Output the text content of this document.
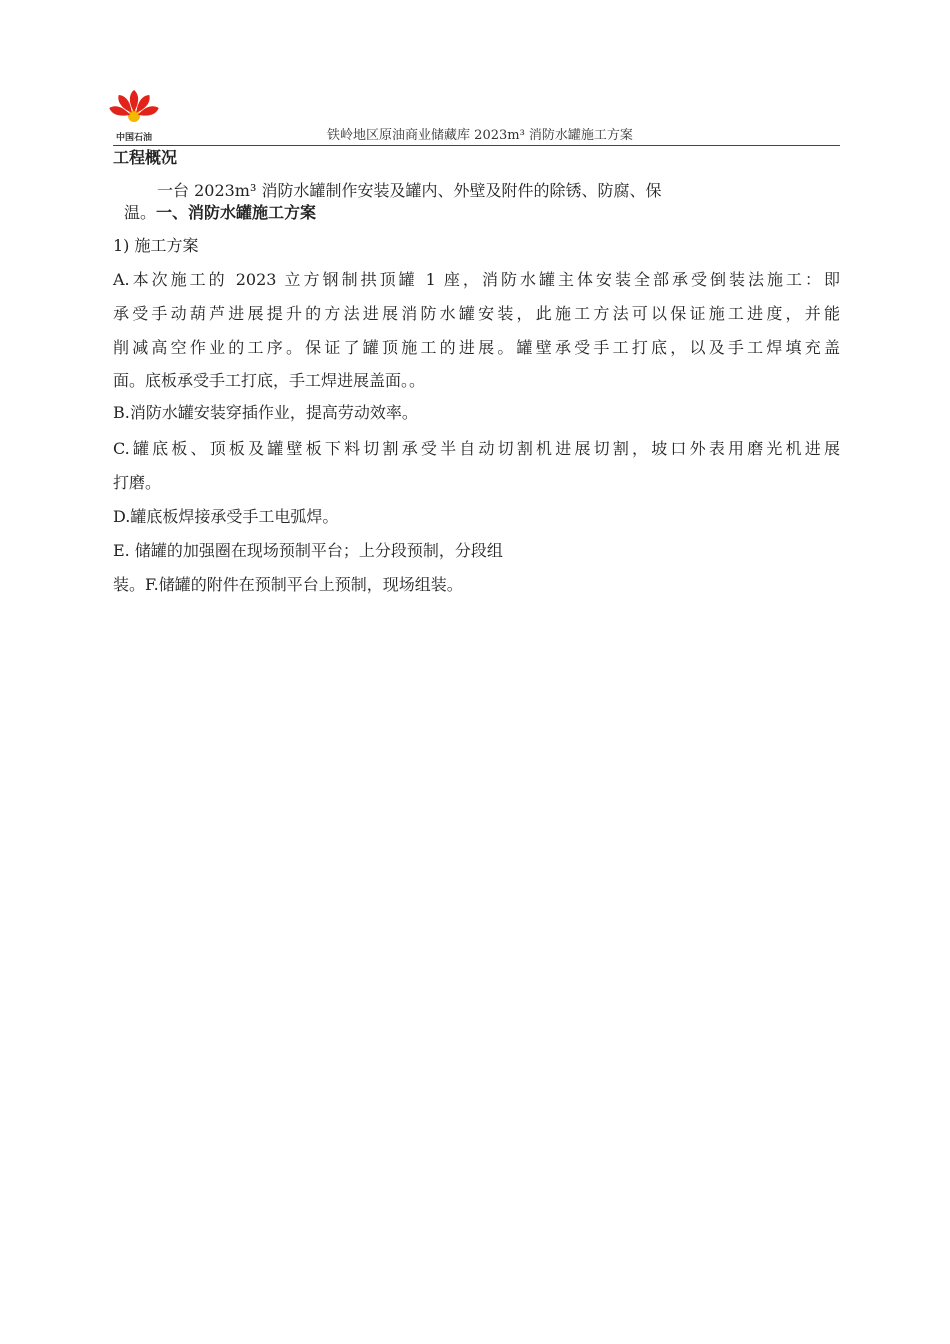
中国石油	铁岭地区原油商业储藏库 2023m³ 消防水罐施工方案
工程概况
一台 2023m³ 消防水罐制作安装及罐内、外壁及附件的除锈、防腐、保
温。一、消防水罐施工方案
1) 施工方案
A.本次施工的 2023 立方钢制拱顶罐 1 座，消防水罐主体安装全部承受倒装法施工：即
承受手动葫芦进展提升的方法进展消防水罐安装，此施工方法可以保证施工进度，并能
削减高空作业的工序。保证了罐顶施工的进展。罐壁承受手工打底，以及手工焊填充盖
面。底板承受手工打底，手工焊进展盖面。。
B.消防水罐安装穿插作业，提高劳动效率。
C.罐底板、顶板及罐壁板下料切割承受半自动切割机进展切割，坡口外表用磨光机进展
打磨。
D.罐底板焊接承受手工电弧焊。
E. 储罐的加强圈在现场预制平台；上分段预制，分段组
装。F.储罐的附件在预制平台上预制，现场组装。
